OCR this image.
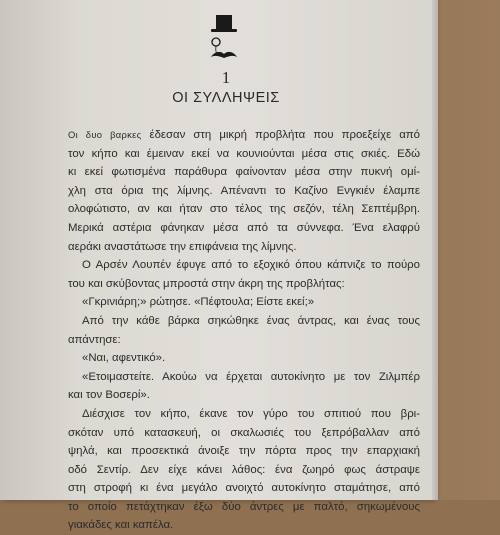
1
ΟΙ ΣΥΛΛΗΨΕΙΣ
Οι δυο βαρκες έδεσαν στη μικρή προβλήτα που προεξείχε από
τον κήπο και έμειναν εκεί να κουνιούνται μέσα στις σκιές. Εδώ
κι εκεί φωτισμένα παράθυρα φαίνονταν μέσα στην πυκνή ομί-
χλη στα όρια της λίμνης. Απέναντι το Καζίνο Ενγκιέν έλαμπε
ολοφώτιστο, αν και ήταν στο τέλος της σεζόν, τέλη Σεπτέμβρη.
Μερικά αστέρια φάνηκαν μέσα από τα σύννεφα. Ένα ελαφρύ
αεράκι αναστάτωσε την επιφάνεια της λίμνης.
Ο Αρσέν Λουπέν έφυγε από το εξοχικό όπου κάπνιζε το πούρο
του και σκύβοντας μπροστά στην άκρη της προβλήτας:
«Γκρινιάρη;» ρώτησε. «Πέφτουλα; Είστε εκεί;»
Από την κάθε βάρκα σηκώθηκε ένας άντρας, και ένας τους
απάντησε:
«Ναι, αφεντικό».
«Ετοιμαστείτε. Ακούω να έρχεται αυτοκίνητο με τον Ζιλμπέρ
και τον Βοσερί».
Διέσχισε τον κήπο, έκανε τον γύρο του σπιτιού που βρι-
σκόταν υπό κατασκευή, οι σκαλωσιές του ξεπρόβαλλαν από
ψηλά, και προσεκτικά άνοιξε την πόρτα προς την επαρχιακή
οδό Σεντίρ. Δεν είχε κάνει λάθος: ένα ζωηρό φως άστραψε
στη στροφή κι ένα μεγάλο ανοιχτό αυτοκίνητο σταμάτησε, από
το οποίο πετάχτηκαν έξω δύο άντρες με παλτό, σηκωμένους
γιακάδες και καπέλα.
